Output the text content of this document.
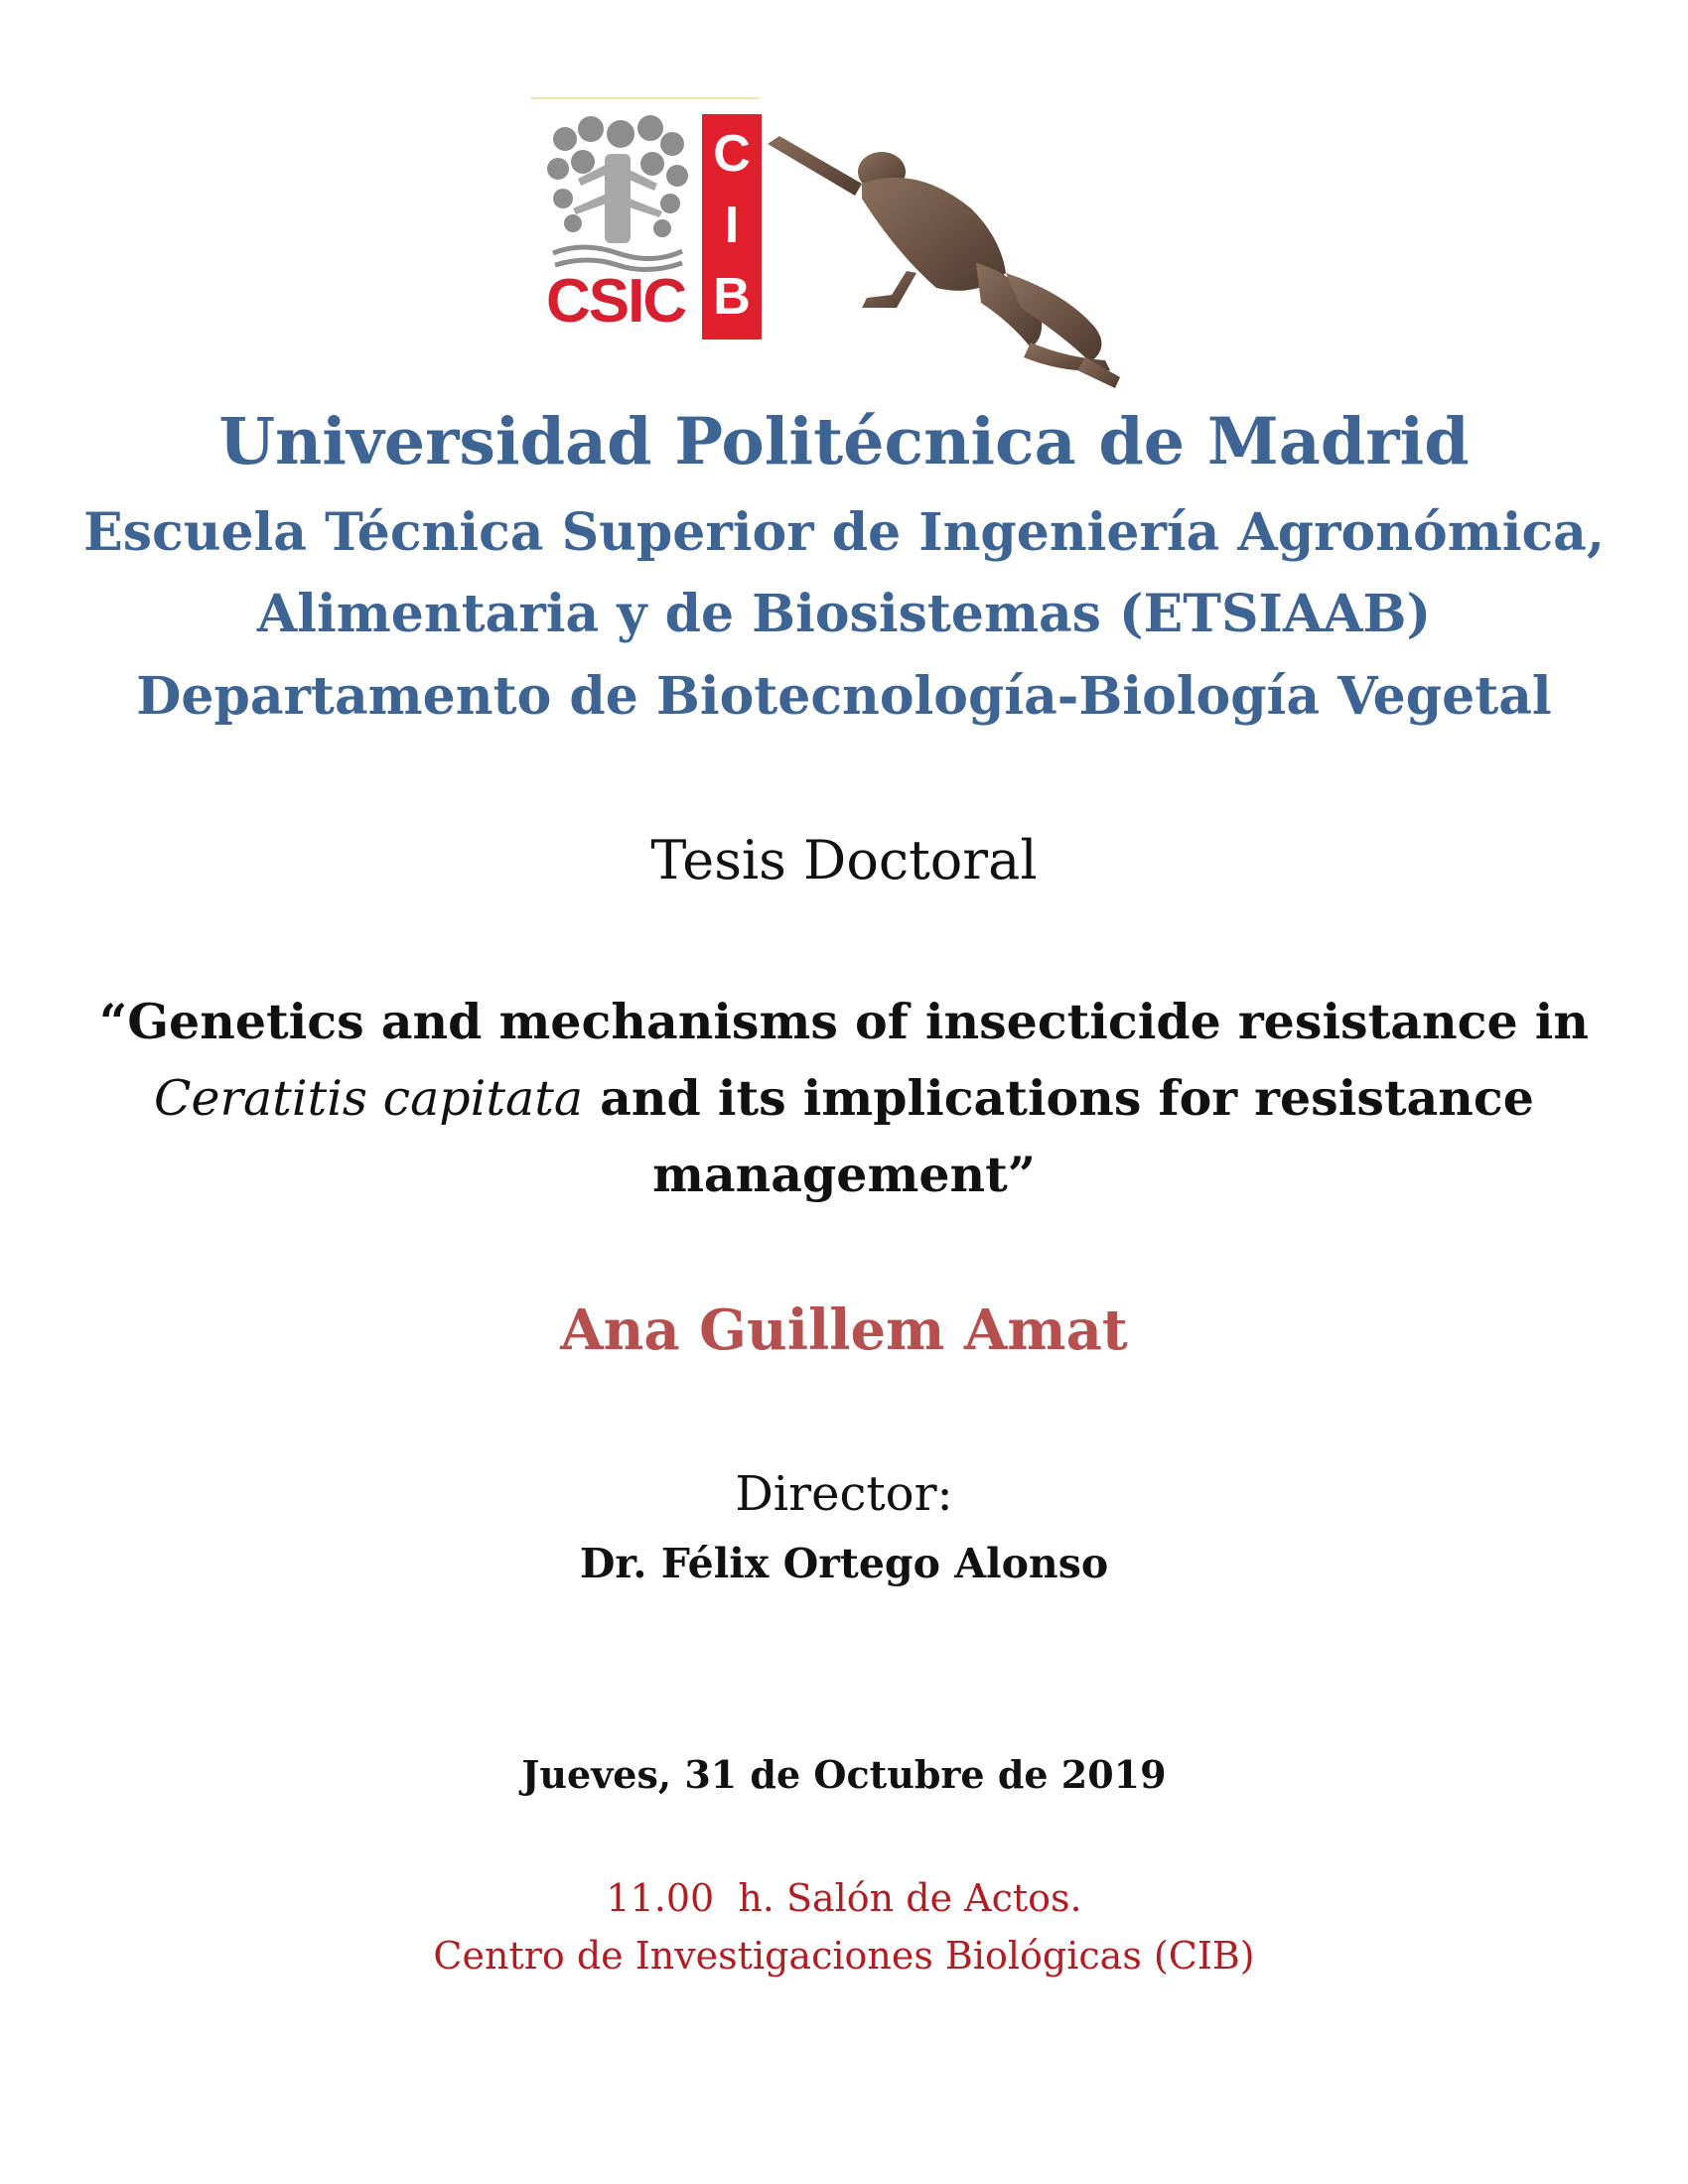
CSIC
C
I
B

Universidad Politécnica de Madrid

Escuela Técnica Superior de Ingeniería Agronómica,

Alimentaria y de Biosistemas (ETSIAAB)

Departamento de Biotecnología-Biología Vegetal

Tesis Doctoral

“Genetics and mechanisms of insecticide resistance in

Ceratitis capitata and its implications for resistance

management”

Ana Guillem Amat

Director:

Dr. Félix Ortego Alonso

Jueves, 31 de Octubre de 2019

11.00  h. Salón de Actos.

Centro de Investigaciones Biológicas (CIB)
